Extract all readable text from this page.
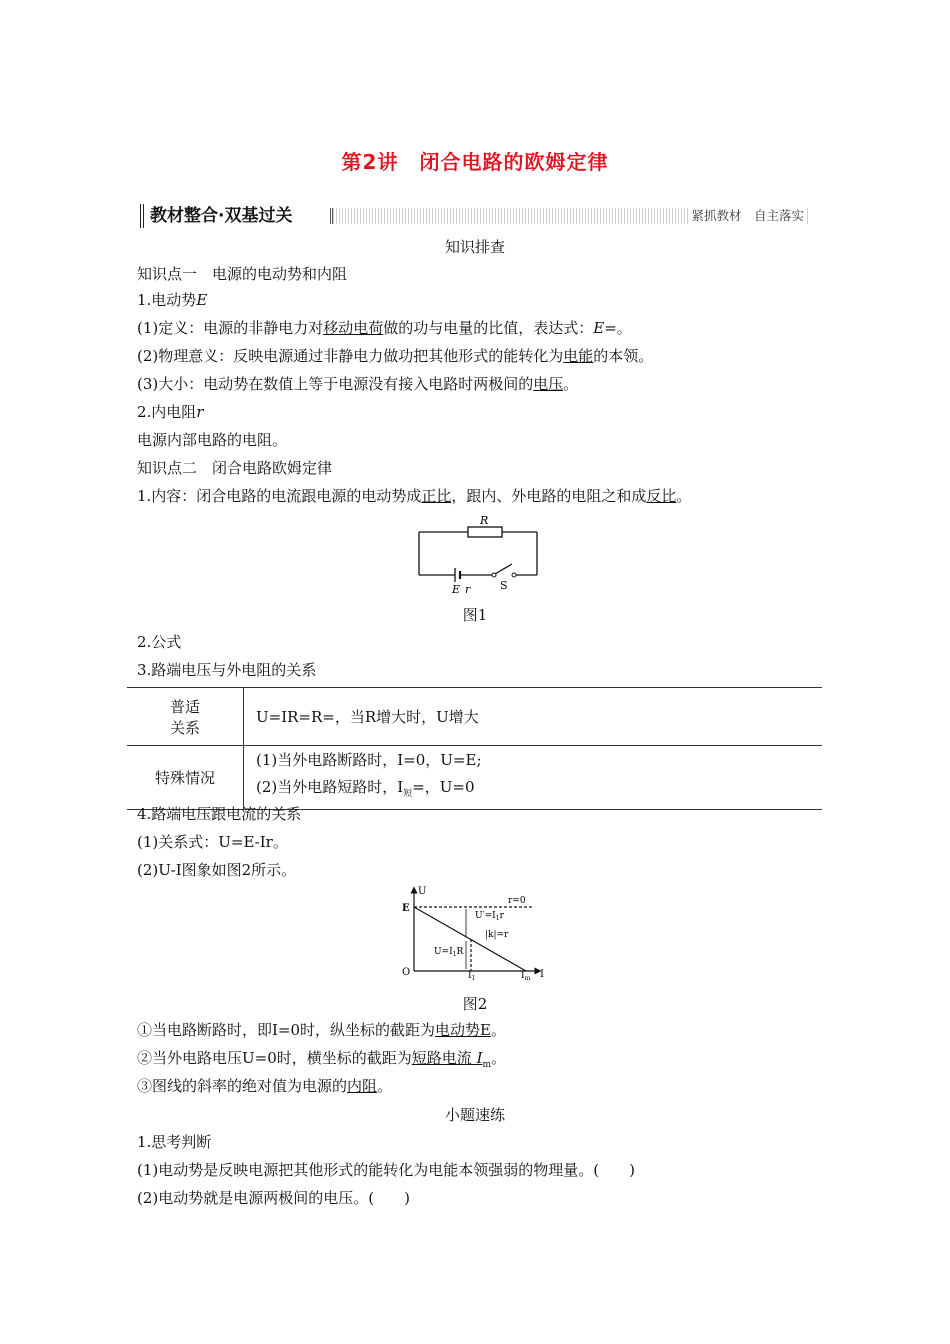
第2讲　闭合电路的欧姆定律
教材整合·双基过关	紧抓教材　自主落实
知识排查
知识点一　电源的电动势和内阻
1.电动势E
(1)定义：电源的非静电力对移动电荷做的功与电量的比值，表达式：E=。
(2)物理意义：反映电源通过非静电力做功把其他形式的能转化为电能的本领。
(3)大小：电动势在数值上等于电源没有接入电路时两极间的电压。
2.内电阻r
电源内部电路的电阻。
知识点二　闭合电路欧姆定律
1.内容：闭合电路的电流跟电源的电动势成正比，跟内、外电路的电阻之和成反比。
R
E r	S
图1
2.公式
3.路端电压与外电阻的关系
普适
关系	U=IR=R=，当R增大时，U增大
特殊情况	(1)当外电路断路时，I=0，U=E;
(2)当外电路短路时，$I_短=$，U=0
4.路端电压跟电流的关系
(1)关系式：U=E-Ir。
(2)U-I图象如图2所示。
U
E
O	I
r=0
$U'=I_1r$
|k|=r
$U=I_1R$
$I_1$	$I_m$
图2
①当电路断路时，即I=0时，纵坐标的截距为电动势E。
②当外电路电压U=0时，横坐标的截距为短路电流 $I_m$。
③图线的斜率的绝对值为电源的内阻。
小题速练
1.思考判断
(1)电动势是反映电源把其他形式的能转化为电能本领强弱的物理量。(　　)
(2)电动势就是电源两极间的电压。(　　)
